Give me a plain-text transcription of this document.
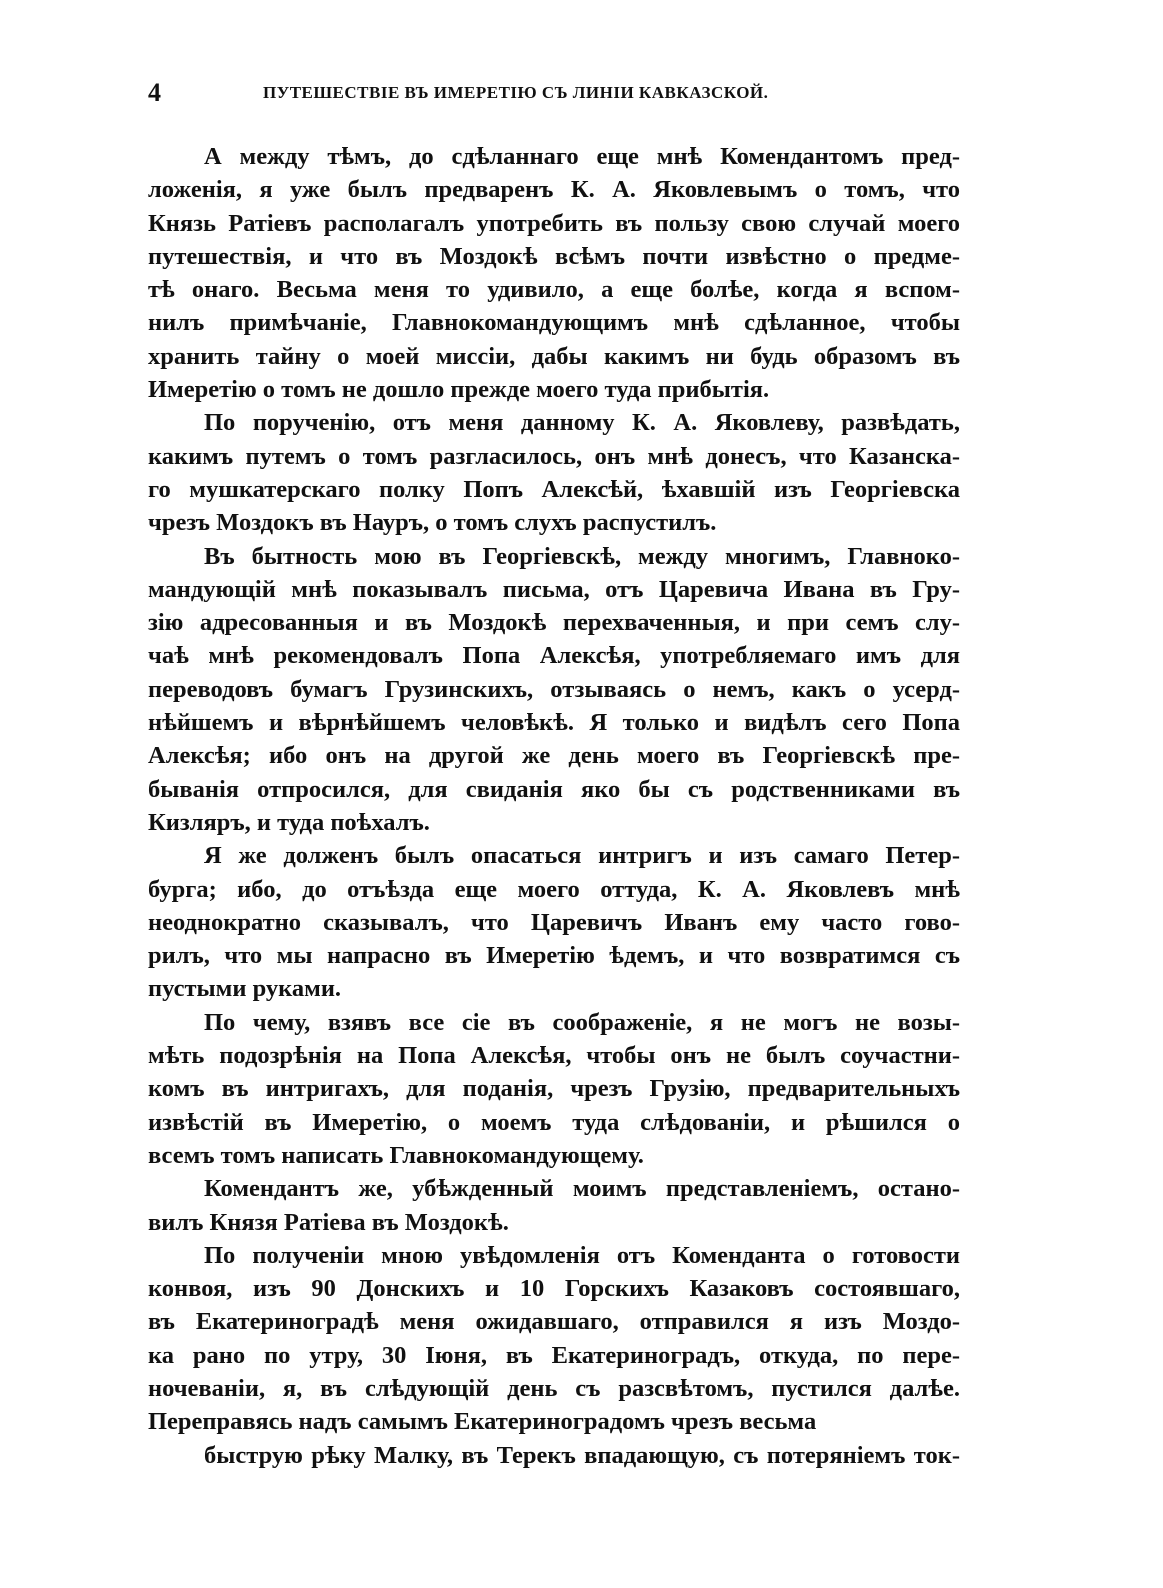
4	ПУТЕШЕСТВІЕ ВЪ ИМЕРЕТІЮ СЪ ЛИНІИ КАВКАЗСКОЙ.
А между тѣмъ, до сдѣланнаго еще мнѣ Комендантомъ пред-
ложенія, я уже былъ предваренъ К. А. Яковлевымъ о томъ, что
Князь Ратіевъ располагалъ употребить въ пользу свою случай моего
путешествія, и что въ Моздокѣ всѣмъ почти извѣстно о предме-
тѣ онаго. Весьма меня то удивило, а еще болѣе, когда я вспом-
нилъ примѣчаніе, Главнокомандующимъ мнѣ сдѣланное, чтобы
хранить тайну о моей миссіи, дабы какимъ ни будь образомъ въ
Имеретію о томъ не дошло прежде моего туда прибытія.
По порученію, отъ меня данному К. А. Яковлеву, развѣдать,
какимъ путемъ о томъ разгласилось, онъ мнѣ донесъ, что Казанска-
го мушкатерскаго полку Попъ Алексѣй, ѣхавшій изъ Георгіевска
чрезъ Моздокъ въ Науръ, о томъ слухъ распустилъ.
Въ бытность мою въ Георгіевскѣ, между многимъ, Главноко-
мандующій мнѣ показывалъ письма, отъ Царевича Ивана въ Гру-
зію адресованныя и въ Моздокѣ перехваченныя, и при семъ слу-
чаѣ мнѣ рекомендовалъ Попа Алексѣя, употребляемаго имъ для
переводовъ бумагъ Грузинскихъ, отзываясь о немъ, какъ о усерд-
нѣйшемъ и вѣрнѣйшемъ человѣкѣ. Я только и видѣлъ сего Попа
Алексѣя; ибо онъ на другой же день моего въ Георгіевскѣ пре-
быванія отпросился, для свиданія яко бы съ родственниками въ
Кизляръ, и туда поѣхалъ.
Я же долженъ былъ опасаться интригъ и изъ самаго Петер-
бурга; ибо, до отъѣзда еще моего оттуда, К. А. Яковлевъ мнѣ
неоднократно сказывалъ, что Царевичъ Иванъ ему часто гово-
рилъ, что мы напрасно въ Имеретію ѣдемъ, и что возвратимся съ
пустыми руками.
По чему, взявъ все сіе въ соображеніе, я не могъ не возы-
мѣть подозрѣнія на Попа Алексѣя, чтобы онъ не былъ соучастни-
комъ въ интригахъ, для поданія, чрезъ Грузію, предварительныхъ
извѣстій въ Имеретію, о моемъ туда слѣдованіи, и рѣшился о
всемъ томъ написать Главнокомандующему.
Комендантъ же, убѣжденный моимъ представленіемъ, остано-
вилъ Князя Ратіева въ Моздокѣ.
По полученіи мною увѣдомленія отъ Коменданта о готовости
конвоя, изъ 90 Донскихъ и 10 Горскихъ Казаковъ состоявшаго,
въ Екатериноградѣ меня ожидавшаго, отправился я изъ Моздо-
ка рано по утру, 30 Іюня, въ Екатериноградъ, откуда, по пере-
ночеваніи, я, въ слѣдующій день съ разсвѣтомъ, пустился далѣе.
Переправясь надъ самымъ Екатериноградомъ чрезъ весьма
быструю рѣку Малку, въ Терекъ впадающую, съ потеряніемъ ток-
